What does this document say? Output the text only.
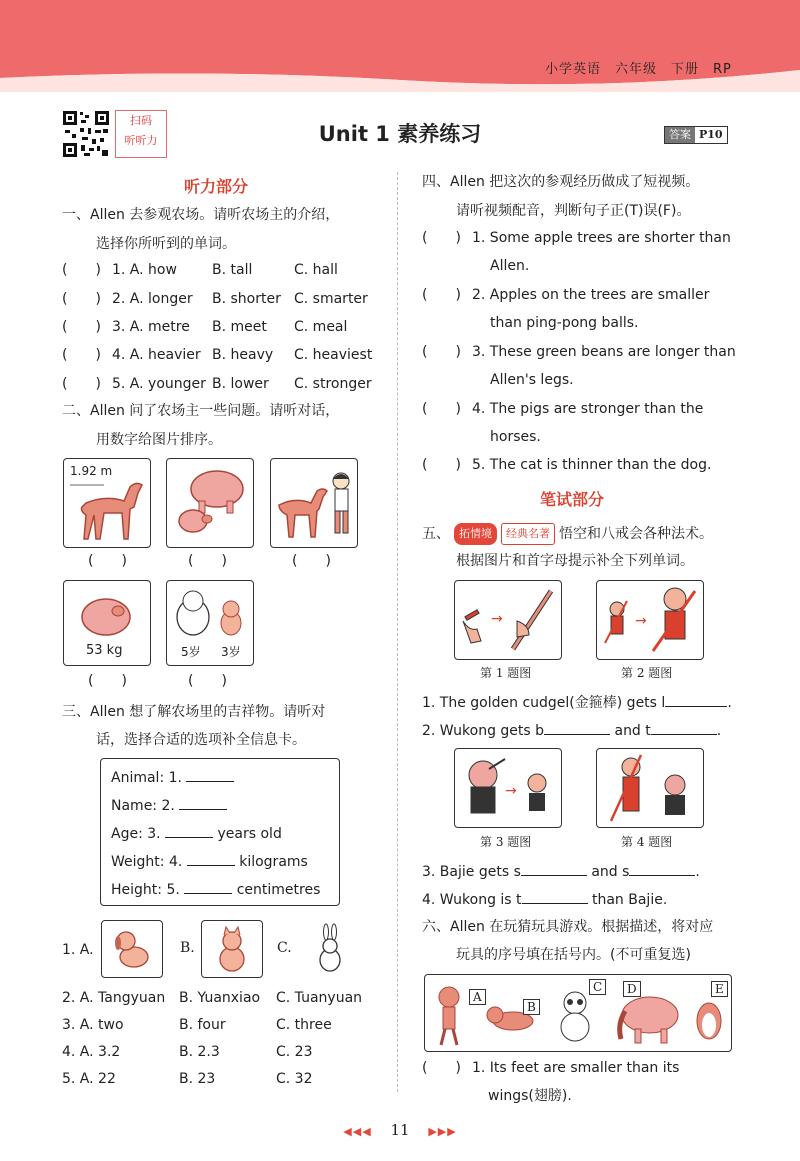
小学英语　六年级　下册　RP
扫码
听听力	Unit 1 素养练习	答案 P10
听力部分
一、Allen 去参观农场。请听农场主的介绍，
选择你所听到的单词。
(　　) 1. A. how	B. tall	C. hall
(　　) 2. A. longer B. shorter C. smarter
(　　) 3. A. metre B. meet C. meal
(　　) 4. A. heavier B. heavy C. heaviest
(　　) 5. A. younger B. lower C. stronger
二、Allen 问了农场主一些问题。请听对话，
用数字给图片排序。
1.92 m
(　　)	(　　)	(　　)
53 kg	5岁 3岁
(　　)	(　　)
三、Allen 想了解农场里的吉祥物。请听对
话，选择合适的选项补全信息卡。
Animal: 1.
Name: 2.
Age: 3.	years old
Weight: 4.	kilograms
Height: 5.	centimetres
1. A.	B.	C.
2. A. Tangyuan B. Yuanxiao C. Tuanyuan
3. A. two	B. four	C. three
4. A. 3.2	B. 2.3	C. 23
5. A. 22	B. 23	C. 32
四、Allen 把这次的参观经历做成了短视频。
请听视频配音，判断句子正(T)误(F)。
(　　) 1. Some apple trees are shorter than
Allen.
(　　) 2. Apples on the trees are smaller
than ping-pong balls.
(　　) 3. These green beans are longer than
Allen's legs.
(　　) 4. The pigs are stronger than the
horses.
(　　) 5. The cat is thinner than the dog.
笔试部分
五、 拓情境	经典名著 悟空和八戒会各种法术。
根据图片和首字母提示补全下列单词。
→	→
第 1 题图	第 2 题图
1. The golden cudgel(金箍棒) gets l	.
2. Wukong gets b	and t	.
→
第 3 题图	第 4 题图
3. Bajie gets s	and s	.
4. Wukong is t	than Bajie.
六、Allen 在玩猜玩具游戏。根据描述，将对应
玩具的序号填在括号内。(不可重复选)
A
B
C	D	E
(　　) 1. Its feet are smaller than its
wings(翅膀).
◀◀◀ 11 ▶▶▶
